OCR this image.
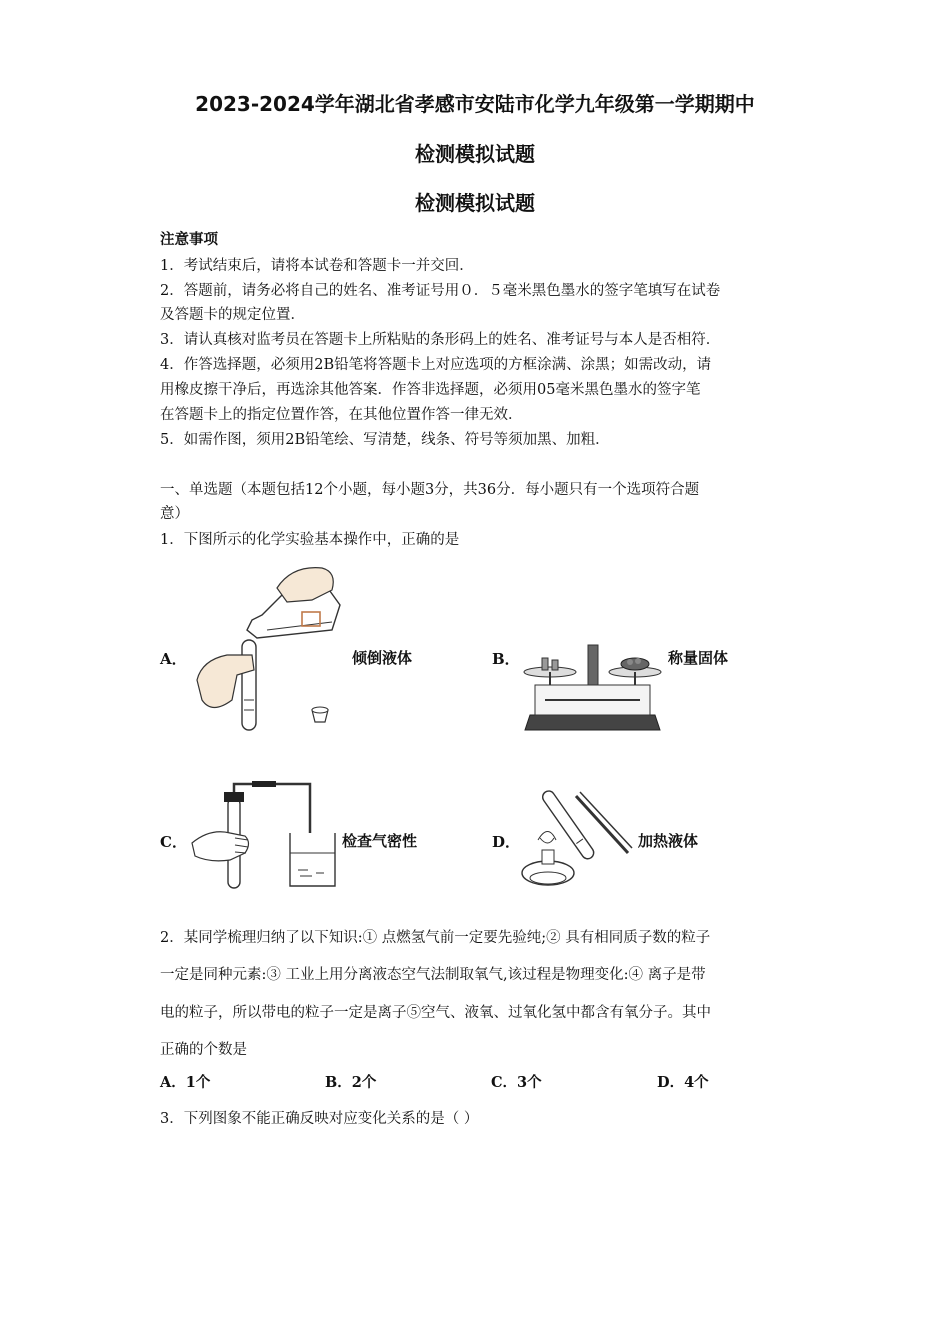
2023-2024学年湖北省孝感市安陆市化学九年级第一学期期中
检测模拟试题
检测模拟试题
注意事项
1．考试结束后，请将本试卷和答题卡一并交回．
2．答题前，请务必将自己的姓名、准考证号用０．５毫米黑色墨水的签字笔填写在试卷
及答题卡的规定位置．
3．请认真核对监考员在答题卡上所粘贴的条形码上的姓名、准考证号与本人是否相符．
4．作答选择题，必须用2B铅笔将答题卡上对应选项的方框涂满、涂黑；如需改动，请
用橡皮擦干净后，再选涂其他答案．作答非选择题，必须用05毫米黑色墨水的签字笔
在答题卡上的指定位置作答，在其他位置作答一律无效．
5．如需作图，须用2B铅笔绘、写清楚，线条、符号等须加黑、加粗．
一、单选题（本题包括12个小题，每小题3分，共36分．每小题只有一个选项符合题
意）
1．下图所示的化学实验基本操作中，正确的是
A．	倾倒液体	B．	称量固体
C．	检查气密性	D．	加热液体
2．某同学梳理归纳了以下知识:① 点燃氢气前一定要先验纯;② 具有相同质子数的粒子
一定是同种元素:③ 工业上用分离液态空气法制取氧气,该过程是物理变化:④ 离子是带
电的粒子，所以带电的粒子一定是离子⑤空气、液氧、过氧化氢中都含有氧分子。其中
正确的个数是
A．1个	B．2个	C．3个	D．4个
3．下列图象不能正确反映对应变化关系的是（ ）
